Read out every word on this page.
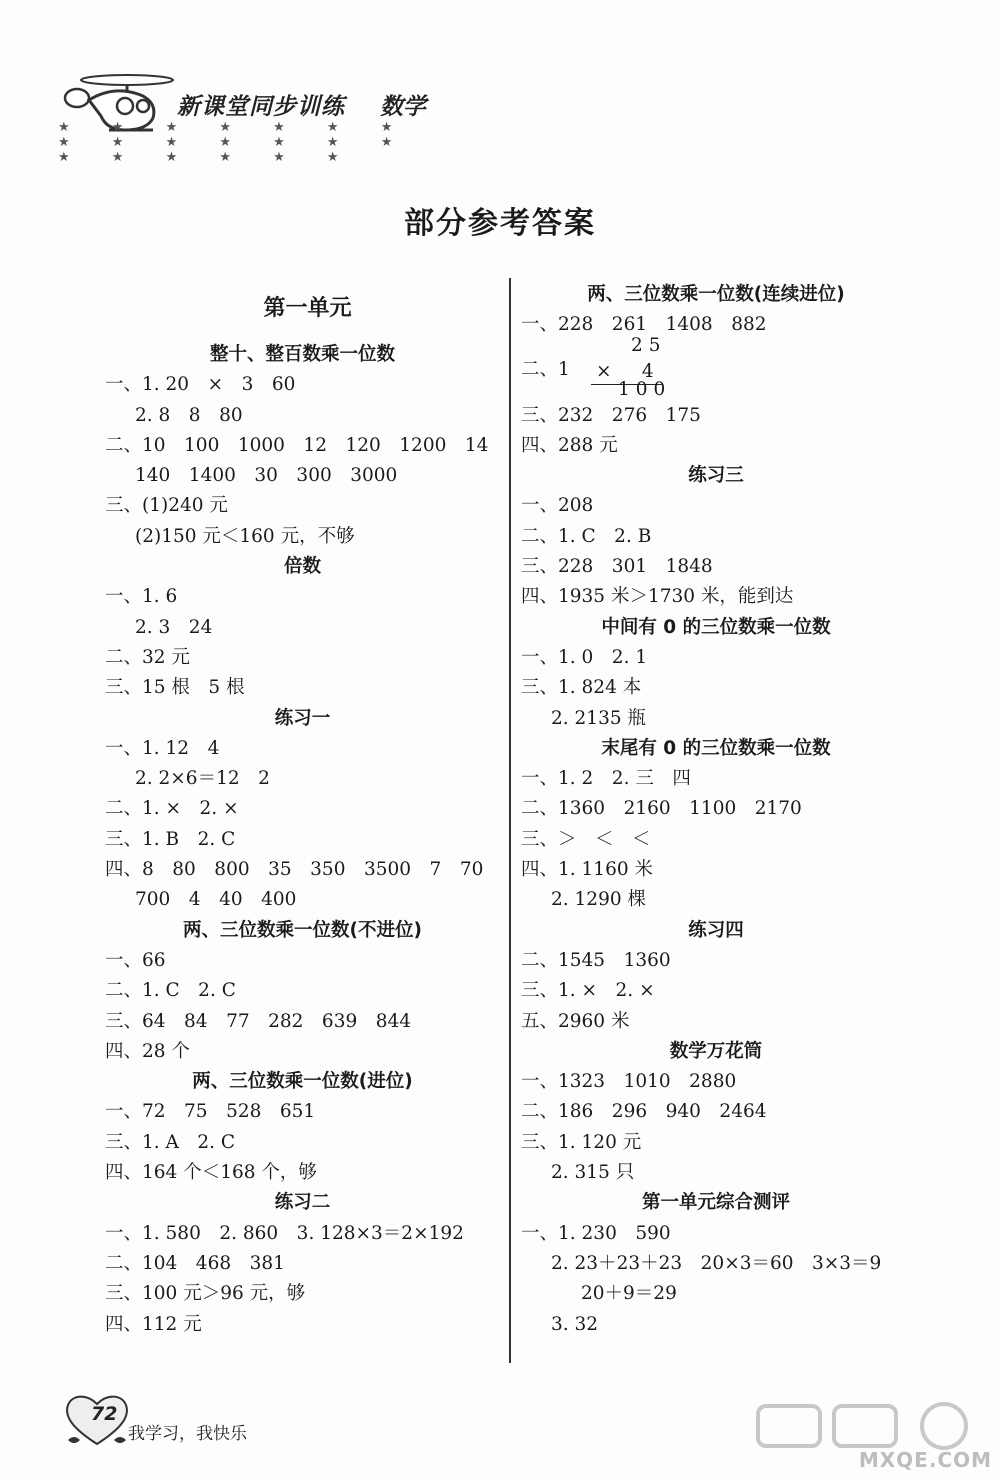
新课堂同步训练 数学
★ ★ ★ ★ ★ ★ ★ ★ ★ ★ ★ ★ ★ ★ ★ ★ ★ ★ ★ ★
部分参考答案
第一单元
整十、整百数乘一位数
一、1. 20　×　3　60
2. 8　8　80
二、10　100　1000　12　120　1200　14
140　1400　30　300　3000
三、(1)240 元
(2)150 元＜160 元，不够
倍数
一、1. 6
2. 3　24
二、32 元
三、15 根　5 根
练习一
一、1. 12　4
2. 2×6＝12　2
二、1. ×　2. ×
三、1. B　2. C
四、8　80　800　35　350　3500　7　70
700　4　40　400
两、三位数乘一位数(不进位)
一、66
二、1. C　2. C
三、64　84　77　282　639　844
四、28 个
两、三位数乘一位数(进位)
一、72　75　528　651
三、1. A　2. C
四、164 个＜168 个，够
练习二
一、1. 580　2. 860　3. 128×3＝2×192
二、104　468　381
三、100 元＞96 元，够
四、112 元
两、三位数乘一位数(连续进位)
一、228　261　1408　882
二、1
25
×　 4
100
三、232　276　175
四、288 元
练习三
一、208
二、1. C　2. B
三、228　301　1848
四、1935 米＞1730 米，能到达
中间有 0 的三位数乘一位数
一、1. 0　2. 1
三、1. 824 本
2. 2135 瓶
末尾有 0 的三位数乘一位数
一、1. 2　2. 三　四
二、1360　2160　1100　2170
三、＞　＜　＜
四、1. 1160 米
2. 1290 棵
练习四
二、1545　1360
三、1. ×　2. ×
五、2960 米
数学万花筒
一、1323　1010　2880
二、186　296　940　2464
三、1. 120 元
2. 315 只
第一单元综合测评
一、1. 230　590
2. 23＋23＋23　20×3＝60　3×3＝9
20＋9＝29
3. 32
72
我学习，我快乐
MXQE.COM
